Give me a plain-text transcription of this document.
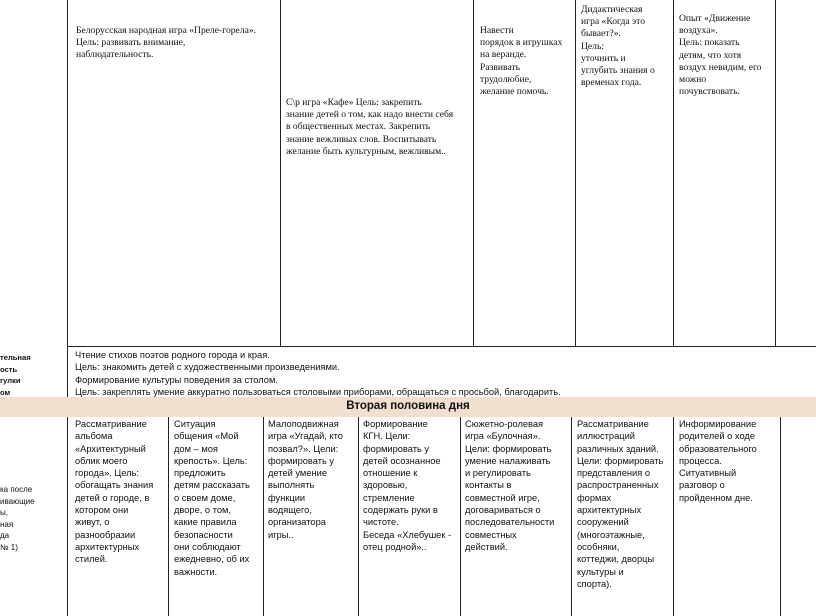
Белорусская народная игра «Преле-горела».
Цель: развивать внимание,
наблюдательность.
С\р игра «Кафе» Цель: закрепить
знание детей о том, как надо внести себя
в общественных местах. Закрепить
знание вежливых слов. Воспитывать
желание быть культурным, вежливым..
Навести
порядок в игрушках
на веранде.
Развивать
трудолюбие,
желание помочь.
Дидактическая
игра «Когда это
бывает?».
Цель:
уточнить и
углубить знания о
временах года.
Опыт «Движение
воздуха».
Цель: показать
детям, что хотя
воздух невидим, его
можно
почувствовать.
тельная
ость
гулки
ом
Чтение стихов поэтов родного города и края.
Цель: знакомить детей с художественными произведениями.
Формирование культуры поведения за столом.
Цель: закреплять умение аккуратно пользоваться столовыми приборами, обращаться с просьбой, благодарить.
Вторая половина дня
ка после
ивающие
ы,
ная
да
№ 1)
Рассматривание
альбома
«Архитектурный
облик моего
города». Цель:
обогащать знания
детей о городе, в
котором они
живут, о
разнообразии
архитектурных
стилей.
Ситуация
общения «Мой
дом – моя
крепость». Цель:
предложить
детям рассказать
о своем доме,
дворе, о том,
какие правила
безопасности
они соблюдают
ежедневно, об их
важности.
Малоподвижная
игра «Угадай, кто
позвал?». Цели:
формировать у
детей умение
выполнять
функции
водящего,
организатора
игры..
Формирование
КГН. Цели:
формировать у
детей осознанное
отношение к
здоровью,
стремление
содержать руки в
чистоте.
Беседа «Хлебушек -
отец родной»..
Сюжетно-ролевая
игра «Булочная».
Цели: формировать
умение налаживать
и регулировать
контакты в
совместной игре,
договариваться о
последовательности
совместных
действий.
Рассматривание
иллюстраций
различных зданий.
Цели: формировать
представления о
распространенных
формах
архитектурных
сооружений
(многоэтажные,
особняки,
коттеджи, дворцы
культуры и
спорта).
Информирование
родителей о ходе
образовательного
процесса.
Ситуативный
разговор о
пройденном дне.
